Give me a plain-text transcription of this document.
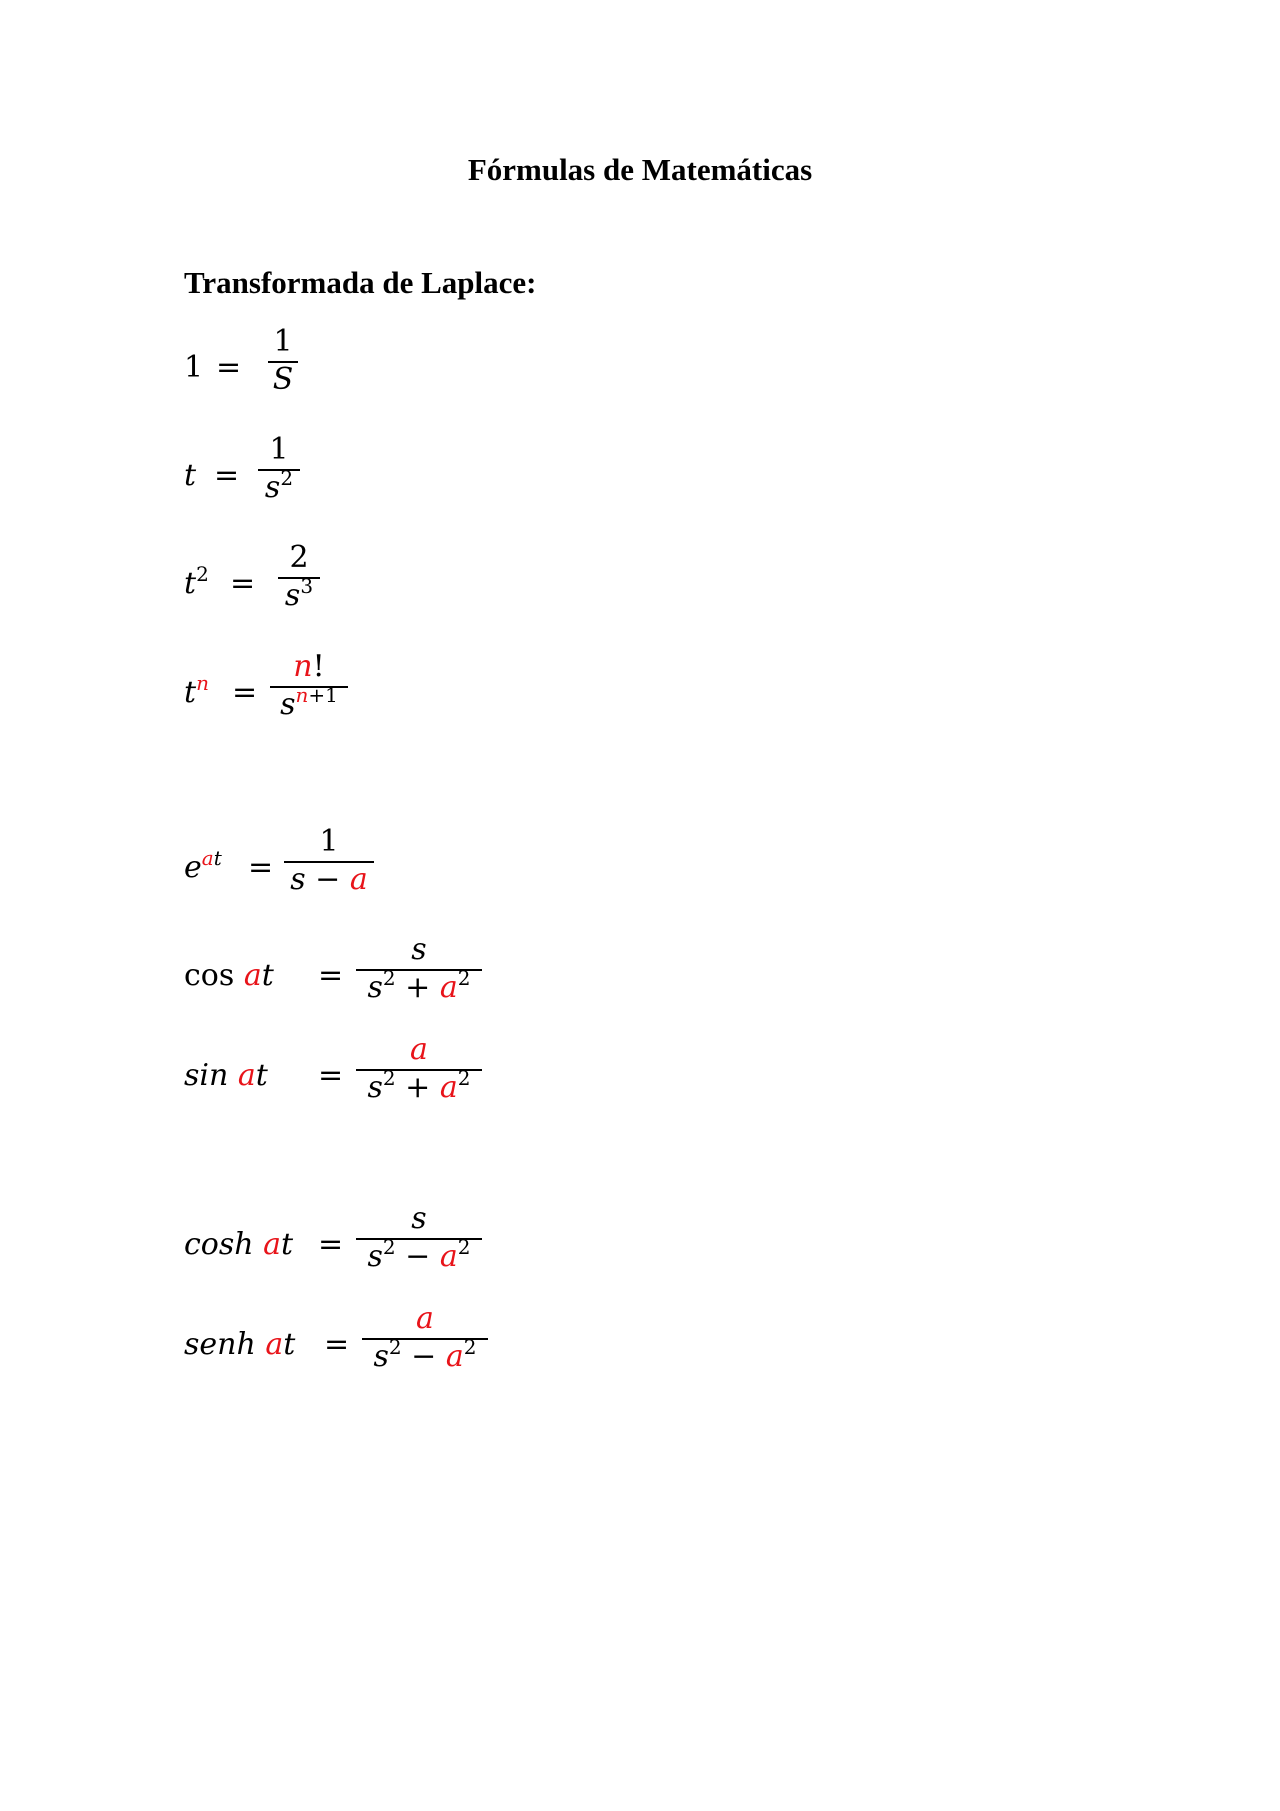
Fórmulas de Matemáticas
Transformada de Laplace:
1 =
1
S
t =
1
$s^2$
$t^2$ =
2
$s^3$
$t^n$ =
n!
$s^{n+1}$
$e^{at}$ =
1
s − a
cos at =
s
$s^2 + a^2$
sin at =
a
$s^2 + a^2$
cosh at =
s
$s^2 - a^2$
senh at =
a
$s^2 - a^2$
